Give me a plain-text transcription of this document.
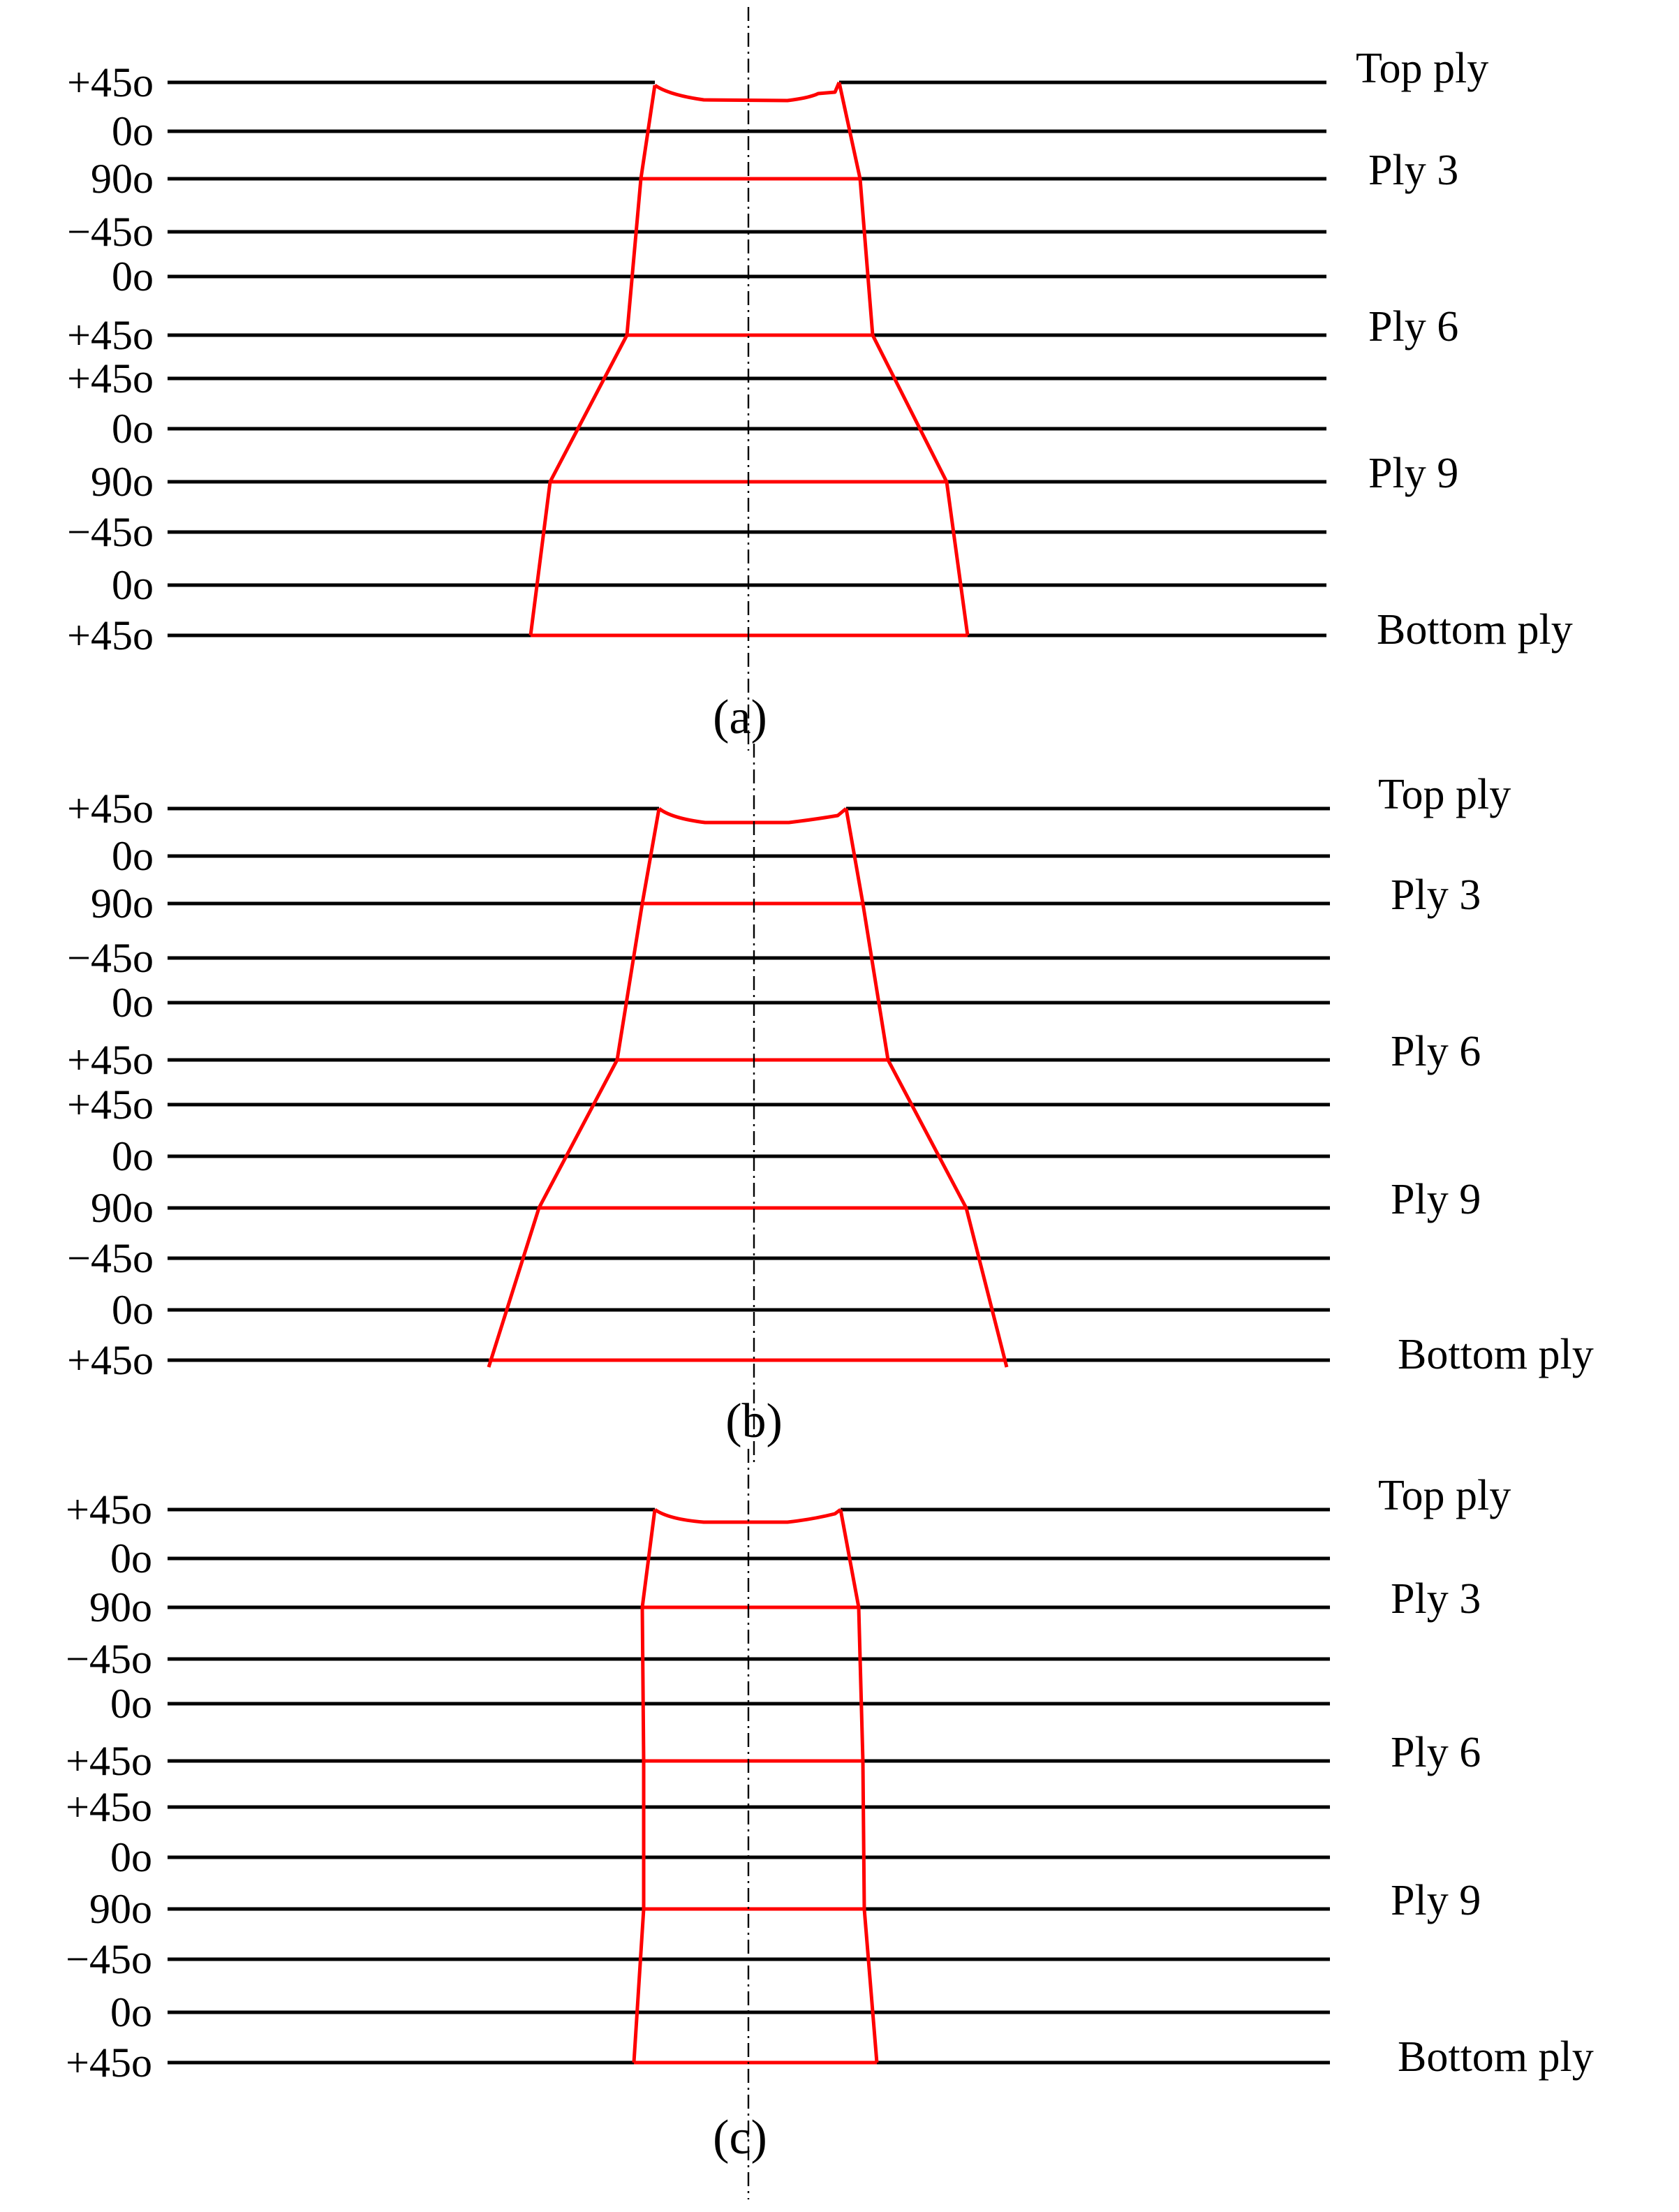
+45o
0o
90o
−45o
0o
+45o
+45o
0o
90o
−45o
0o
+45o
Top ply
Ply 3
Ply 6
Ply 9
Bottom ply
(a)
+45o
0o
90o
−45o
0o
+45o
+45o
0o
90o
−45o
0o
+45o
Top ply
Ply 3
Ply 6
Ply 9
Bottom ply
(b)
+45o
0o
90o
−45o
0o
+45o
+45o
0o
90o
−45o
0o
+45o
Top ply
Ply 3
Ply 6
Ply 9
Bottom ply
(c)
